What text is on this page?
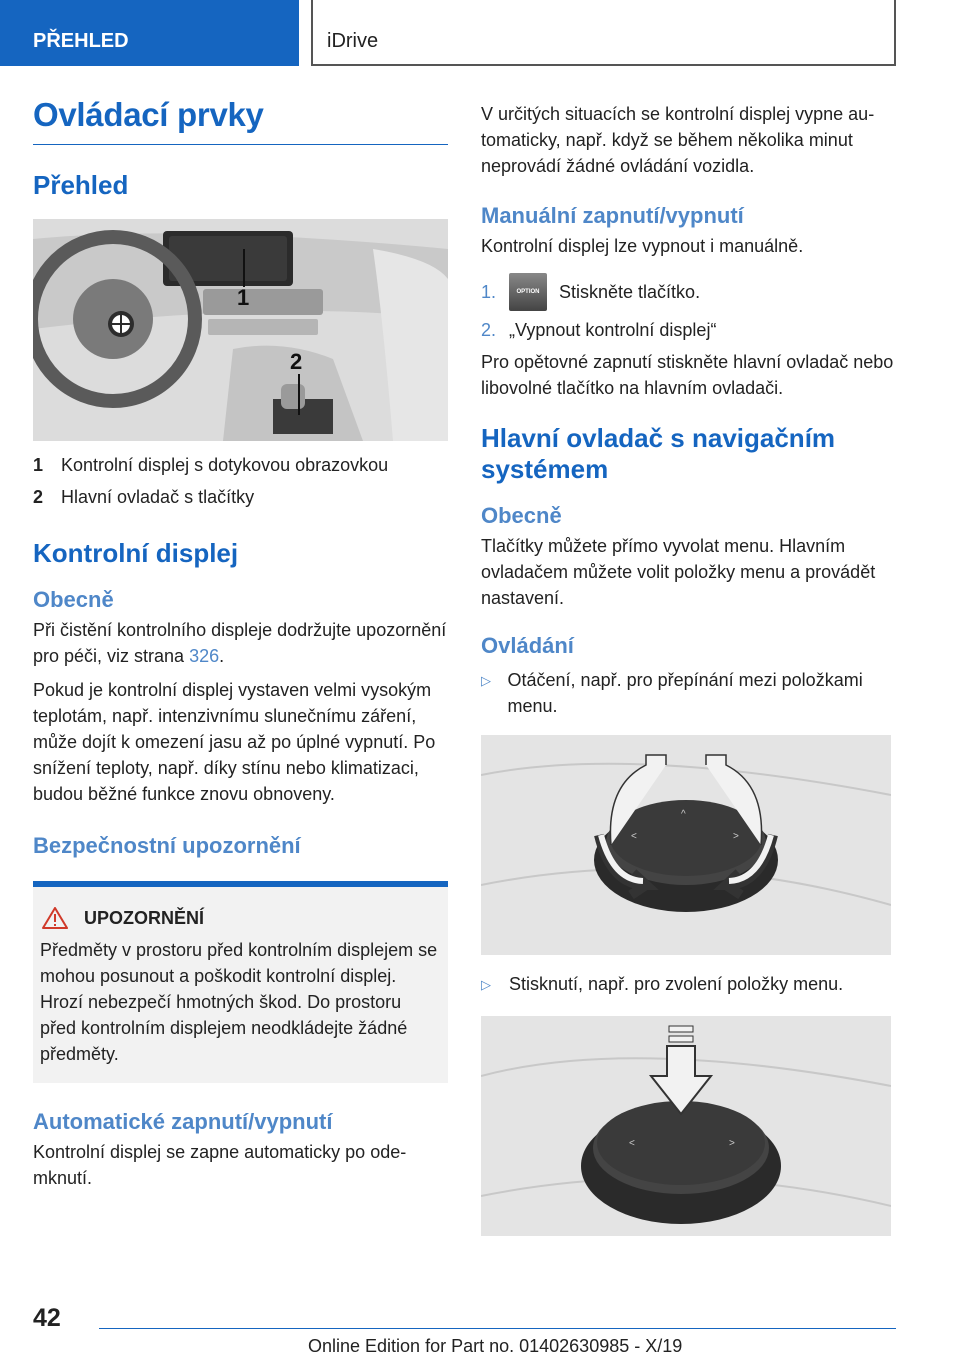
PŘEHLED	iDrive
Ovládací prvky
Přehled
1
2
1 Kontrolní displej s dotykovou obrazovkou
2 Hlavní ovladač s tlačítky
Kontrolní displej
Obecně

Při čistění kontrolního displeje dodržujte upozornění pro péči, viz strana 326.

Pokud je kontrolní displej vystaven velmi vysokým teplotám, např. intenzivnímu slunečnímu záření, může dojít k omezení jasu až po úplné vypnutí. Po snížení teploty, např. díky stínu nebo klimatizaci, budou běžné funkce znovu obnoveny.

Bezpečnostní upozornění
UPOZORNĚNÍ

Předměty v prostoru před kontrolním displejem se mohou posunout a poškodit kontrolní displej. Hrozí nebezpečí hmotných škod. Do prostoru před kontrolním displejem neodkládejte žádné předměty.

Automatické zapnutí/vypnutí

Kontrolní displej se zapne automaticky po odemknutí.

V určitých situacích se kontrolní displej vypne automaticky, např. když se během několika minut neprovádí žádné ovládání vozidla.

Manuální zapnutí/vypnutí

Kontrolní displej lze vypnout i manuálně.

1.	OPTION	Stiskněte tlačítko.
2. „Vypnout kontrolní displej“

Pro opětovné zapnutí stiskněte hlavní ovladač nebo libovolné tlačítko na hlavním ovladači.

Hlavní ovladač s navigačním systémem
Obecně

Tlačítky můžete přímo vyvolat menu. Hlavním ovladačem můžete volit položky menu a provádět nastavení.

Ovládání
▷ Otáčení, např. pro přepínání mezi položkami menu.
^
<	>
▷	Stisknutí, např. pro zvolení položky menu.
<	>
42
Online Edition for Part no. 01402630985 - X/19
